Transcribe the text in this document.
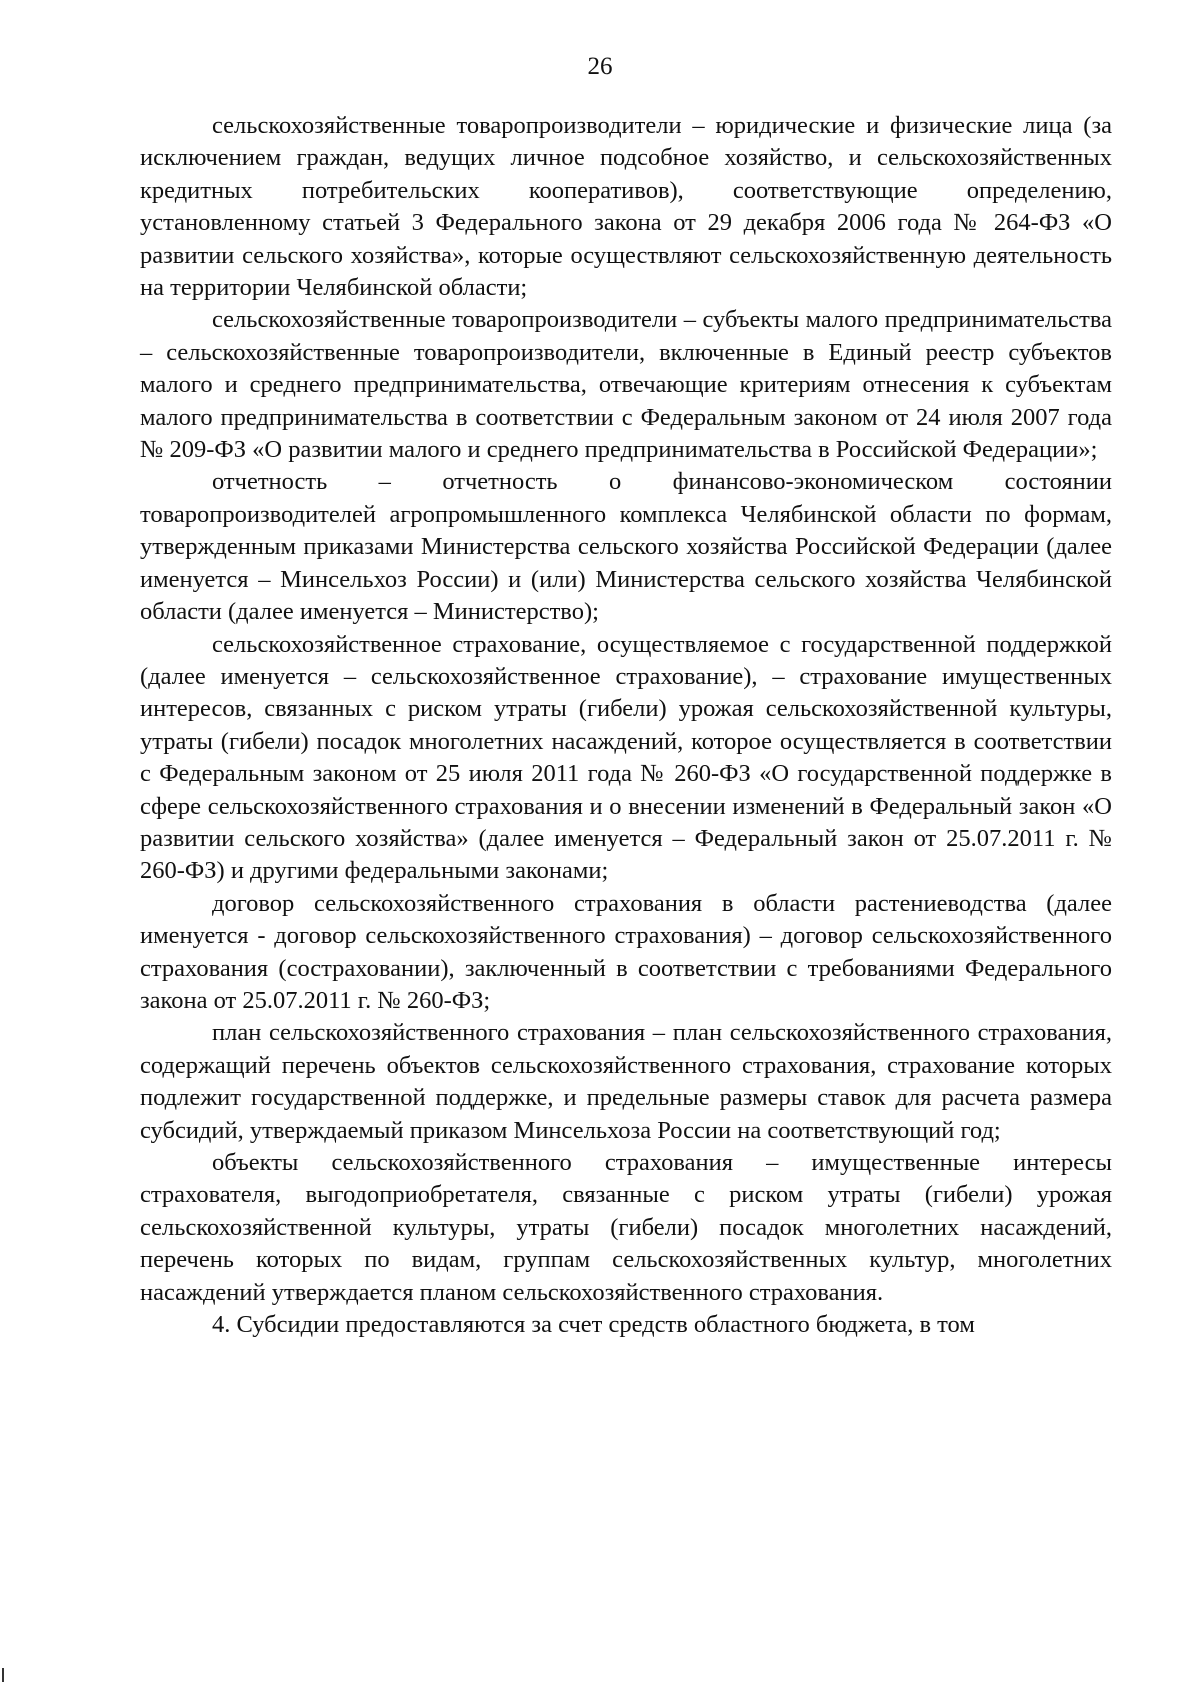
26

сельскохозяйственные товаропроизводители – юридические и физические лица (за исключением граждан, ведущих личное подсобное хозяйство, и сельскохозяйственных кредитных потребительских кооперативов), соответствующие определению, установленному статьей 3 Федерального закона от 29 декабря 2006 года № 264-ФЗ «О развитии сельского хозяйства», которые осуществляют сельскохозяйственную деятельность на территории Челябинской области;

сельскохозяйственные товаропроизводители – субъекты малого предпринимательства – сельскохозяйственные товаропроизводители, включенные в Единый реестр субъектов малого и среднего предпринимательства, отвечающие критериям отнесения к субъектам малого предпринимательства в соответствии с Федеральным законом от 24 июля 2007 года № 209-ФЗ «О развитии малого и среднего предпринимательства в Российской Федерации»;

отчетность – отчетность о финансово-экономическом состоянии товаропроизводителей агропромышленного комплекса Челябинской области по формам, утвержденным приказами Министерства сельского хозяйства Российской Федерации (далее именуется – Минсельхоз России) и (или) Министерства сельского хозяйства Челябинской области (далее именуется – Министерство);

сельскохозяйственное страхование, осуществляемое с государственной поддержкой (далее именуется – сельскохозяйственное страхование), – страхование имущественных интересов, связанных с риском утраты (гибели) урожая сельскохозяйственной культуры, утраты (гибели) посадок многолетних насаждений, которое осуществляется в соответствии с Федеральным законом от 25 июля 2011 года № 260-ФЗ «О государственной поддержке в сфере сельскохозяйственного страхования и о внесении изменений в Федеральный закон «О развитии сельского хозяйства» (далее именуется – Федеральный закон от 25.07.2011 г. № 260-ФЗ) и другими федеральными законами;

договор сельскохозяйственного страхования в области растениеводства (далее именуется - договор сельскохозяйственного страхования) – договор сельскохозяйственного страхования (состраховании), заключенный в соответствии с требованиями Федерального закона от 25.07.2011 г. № 260-ФЗ;

план сельскохозяйственного страхования – план сельскохозяйственного страхования, содержащий перечень объектов сельскохозяйственного страхования, страхование которых подлежит государственной поддержке, и предельные размеры ставок для расчета размера субсидий, утверждаемый приказом Минсельхоза России на соответствующий год;

объекты сельскохозяйственного страхования – имущественные интересы страхователя, выгодоприобретателя, связанные с риском утраты (гибели) урожая сельскохозяйственной культуры, утраты (гибели) посадок многолетних насаждений, перечень которых по видам, группам сельскохозяйственных культур, многолетних насаждений утверждается планом сельскохозяйственного страхования.

4. Субсидии предоставляются за счет средств областного бюджета, в том
